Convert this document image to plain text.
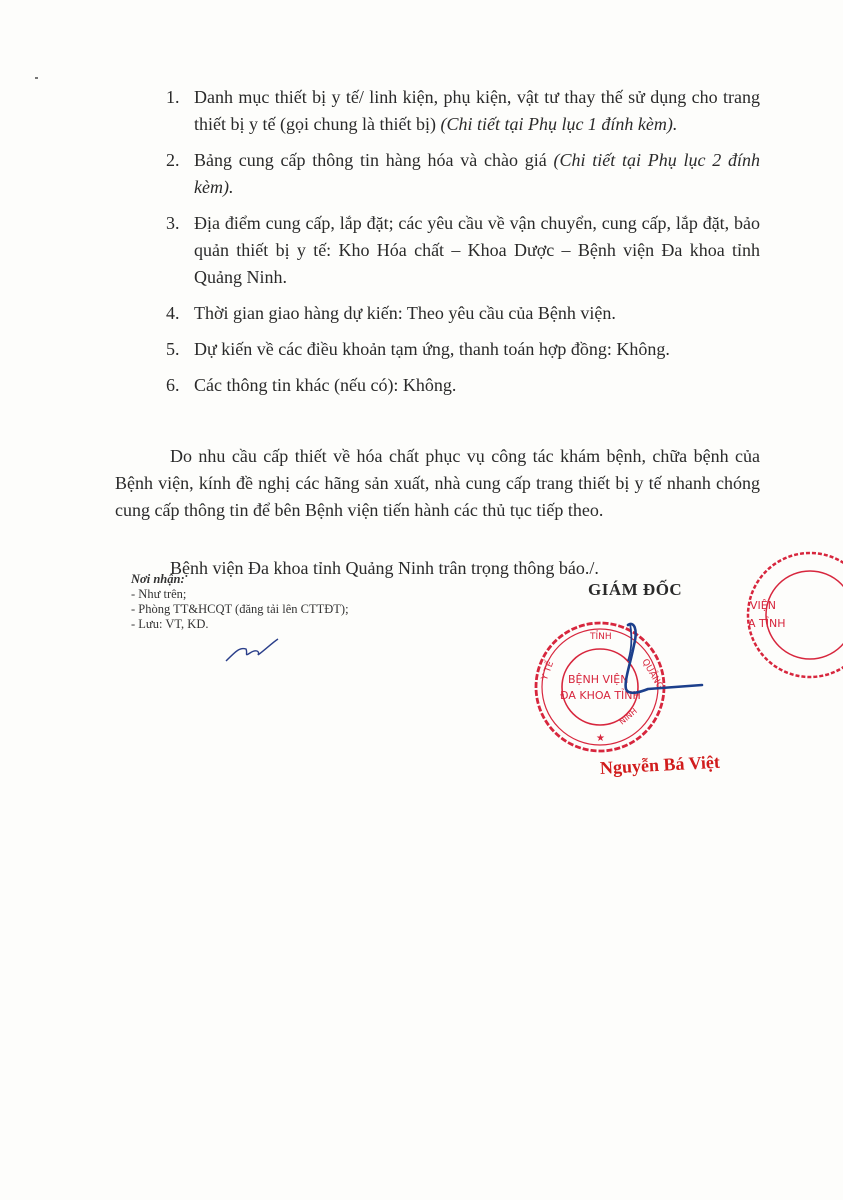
1. Danh mục thiết bị y tế/ linh kiện, phụ kiện, vật tư thay thế sử dụng cho trang thiết bị y tế (gọi chung là thiết bị) (Chi tiết tại Phụ lục 1 đính kèm).
2. Bảng cung cấp thông tin hàng hóa và chào giá (Chi tiết tại Phụ lục 2 đính kèm).
3. Địa điểm cung cấp, lắp đặt; các yêu cầu về vận chuyển, cung cấp, lắp đặt, bảo quản thiết bị y tế: Kho Hóa chất – Khoa Dược – Bệnh viện Đa khoa tỉnh Quảng Ninh.
4. Thời gian giao hàng dự kiến: Theo yêu cầu của Bệnh viện.
5. Dự kiến về các điều khoản tạm ứng, thanh toán hợp đồng: Không.
6. Các thông tin khác (nếu có): Không.

Do nhu cầu cấp thiết về hóa chất phục vụ công tác khám bệnh, chữa bệnh của Bệnh viện, kính đề nghị các hãng sản xuất, nhà cung cấp trang thiết bị y tế nhanh chóng cung cấp thông tin để bên Bệnh viện tiến hành các thủ tục tiếp theo.

Bệnh viện Đa khoa tỉnh Quảng Ninh trân trọng thông báo./.

Nơi nhận:
- Như trên;
- Phòng TT&HCQT (đăng tải lên CTTĐT);
- Lưu: VT, KD.
GIÁM ĐỐC
VIỆN
A TỈNH
TỈNH
Y TẾ	QUẢNG
BỆNH VIỆN
ĐA KHOA TỈNH
NINH
★
Nguyễn Bá Việt
